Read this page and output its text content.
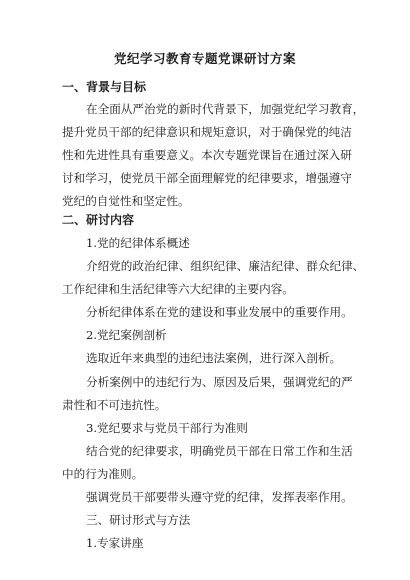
党纪学习教育专题党课研讨方案
一、背景与目标
在全面从严治党的新时代背景下，加强党纪学习教育，
提升党员干部的纪律意识和规矩意识，对于确保党的纯洁
性和先进性具有重要意义。本次专题党课旨在通过深入研
讨和学习，使党员干部全面理解党的纪律要求，增强遵守
党纪的自觉性和坚定性。
二、研讨内容
1.党的纪律体系概述
介绍党的政治纪律、组织纪律、廉洁纪律、群众纪律、
工作纪律和生活纪律等六大纪律的主要内容。
分析纪律体系在党的建设和事业发展中的重要作用。
2.党纪案例剖析
选取近年来典型的违纪违法案例，进行深入剖析。
分析案例中的违纪行为、原因及后果，强调党纪的严
肃性和不可违抗性。
3.党纪要求与党员干部行为准则
结合党的纪律要求，明确党员干部在日常工作和生活
中的行为准则。
强调党员干部要带头遵守党的纪律，发挥表率作用。
三、研讨形式与方法
1.专家讲座
